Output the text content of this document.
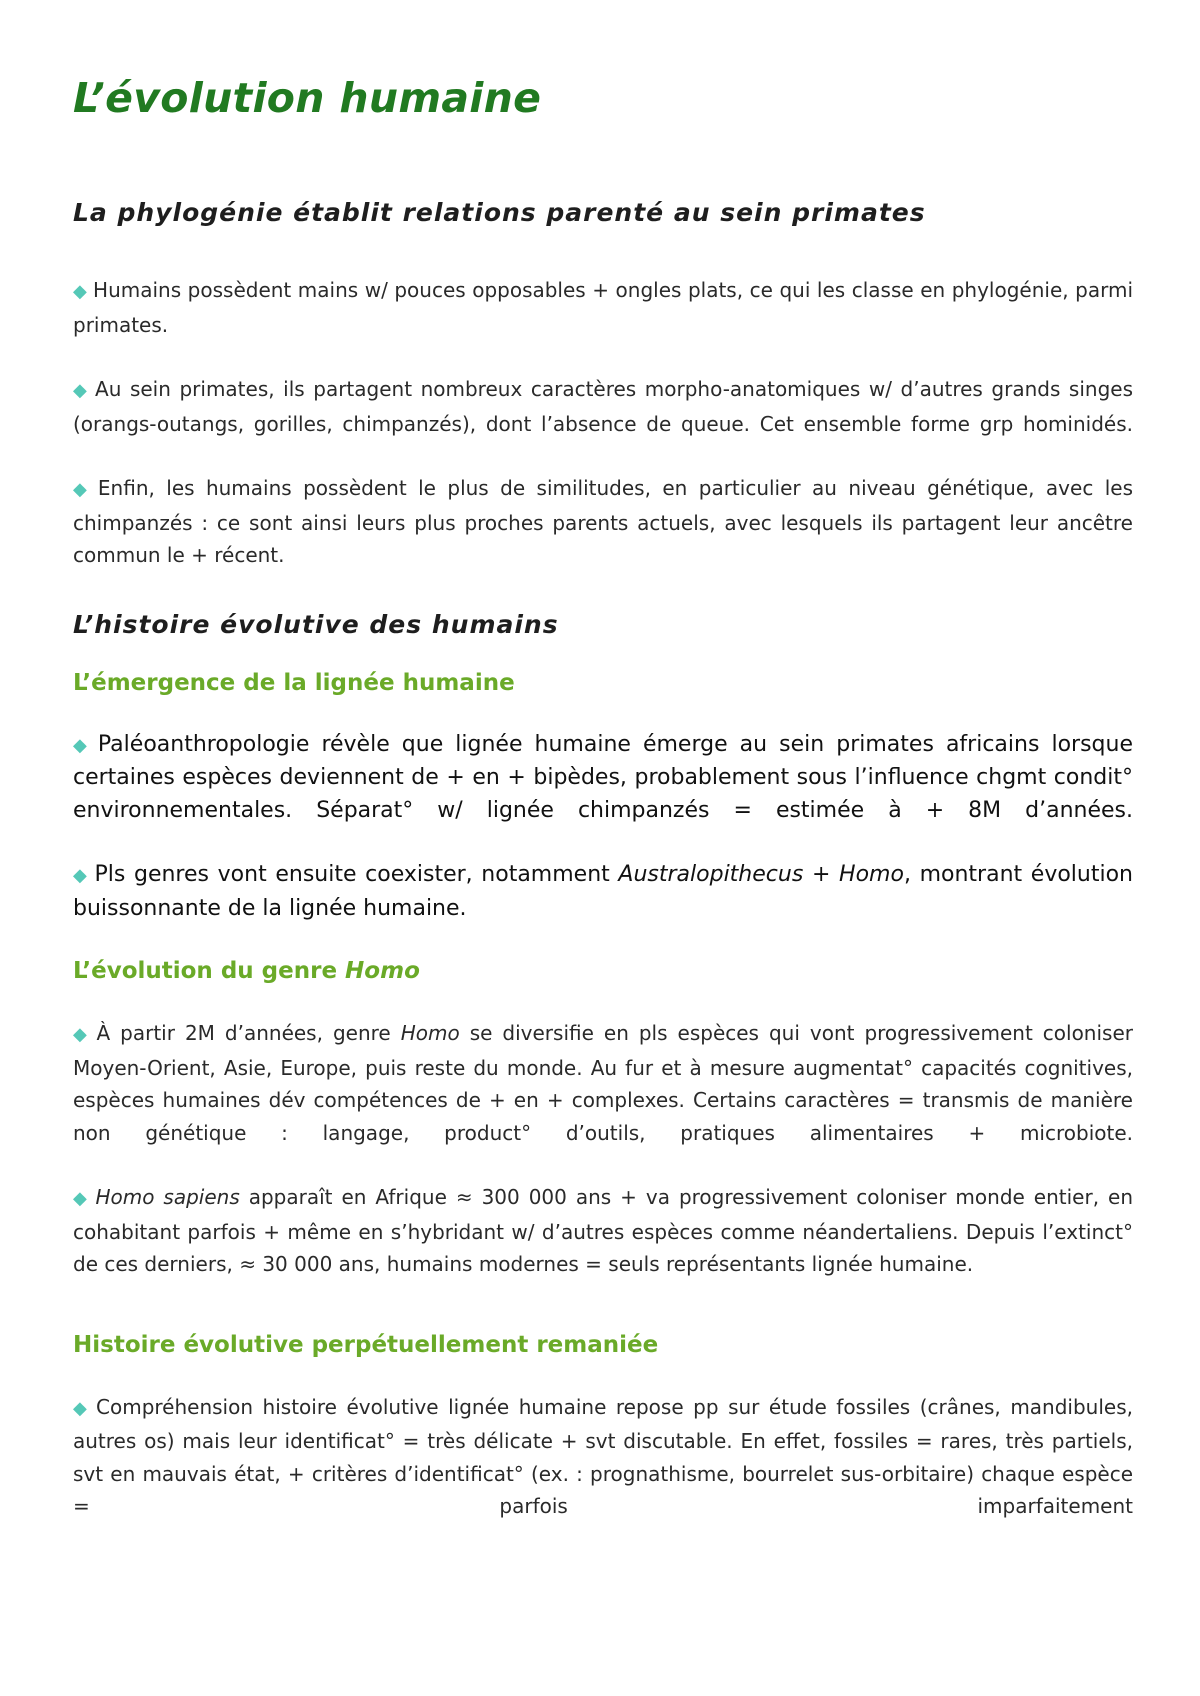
L’évolution humaine
La phylogénie établit relations parenté au sein primates

◆ Humains possèdent mains w/ pouces opposables + ongles plats, ce qui les classe en phylogénie, parmi primates.

◆ Au sein primates, ils partagent nombreux caractères morpho-anatomiques w/ d’autres grands singes (orangs-outangs, gorilles, chimpanzés), dont l’absence de queue. Cet ensemble forme grp hominidés.

◆ Enfin, les humains possèdent le plus de similitudes, en particulier au niveau génétique, avec les chimpanzés : ce sont ainsi leurs plus proches parents actuels, avec lesquels ils partagent leur ancêtre commun le + récent.

L’histoire évolutive des humains
L’émergence de la lignée humaine

◆ Paléoanthropologie révèle que lignée humaine émerge au sein primates africains lorsque certaines espèces deviennent de + en + bipèdes, probablement sous l’influence chgmt condit° environnementales. Séparat° w/ lignée chimpanzés = estimée à + 8M d’années.

◆ Pls genres vont ensuite coexister, notamment Australopithecus + Homo, montrant évolution buissonnante de la lignée humaine.

L’évolution du genre Homo

◆ À partir 2M d’années, genre Homo se diversifie en pls espèces qui vont progressivement coloniser Moyen-Orient, Asie, Europe, puis reste du monde. Au fur et à mesure augmentat° capacités cognitives, espèces humaines dév compétences de + en + complexes. Certains caractères = transmis de manière non génétique : langage, product° d’outils, pratiques alimentaires + microbiote.

◆ Homo sapiens apparaît en Afrique ≈ 300 000 ans + va progressivement coloniser monde entier, en cohabitant parfois + même en s’hybridant w/ d’autres espèces comme néandertaliens. Depuis l’extinct° de ces derniers, ≈ 30 000 ans, humains modernes = seuls représentants lignée humaine.

Histoire évolutive perpétuellement remaniée

◆ Compréhension histoire évolutive lignée humaine repose pp sur étude fossiles (crânes, mandibules, autres os) mais leur identificat° = très délicate + svt discutable. En effet, fossiles = rares, très partiels, svt en mauvais état, + critères d’identificat° (ex. : prognathisme, bourrelet sus-orbitaire) chaque espèce = parfois imparfaitement
